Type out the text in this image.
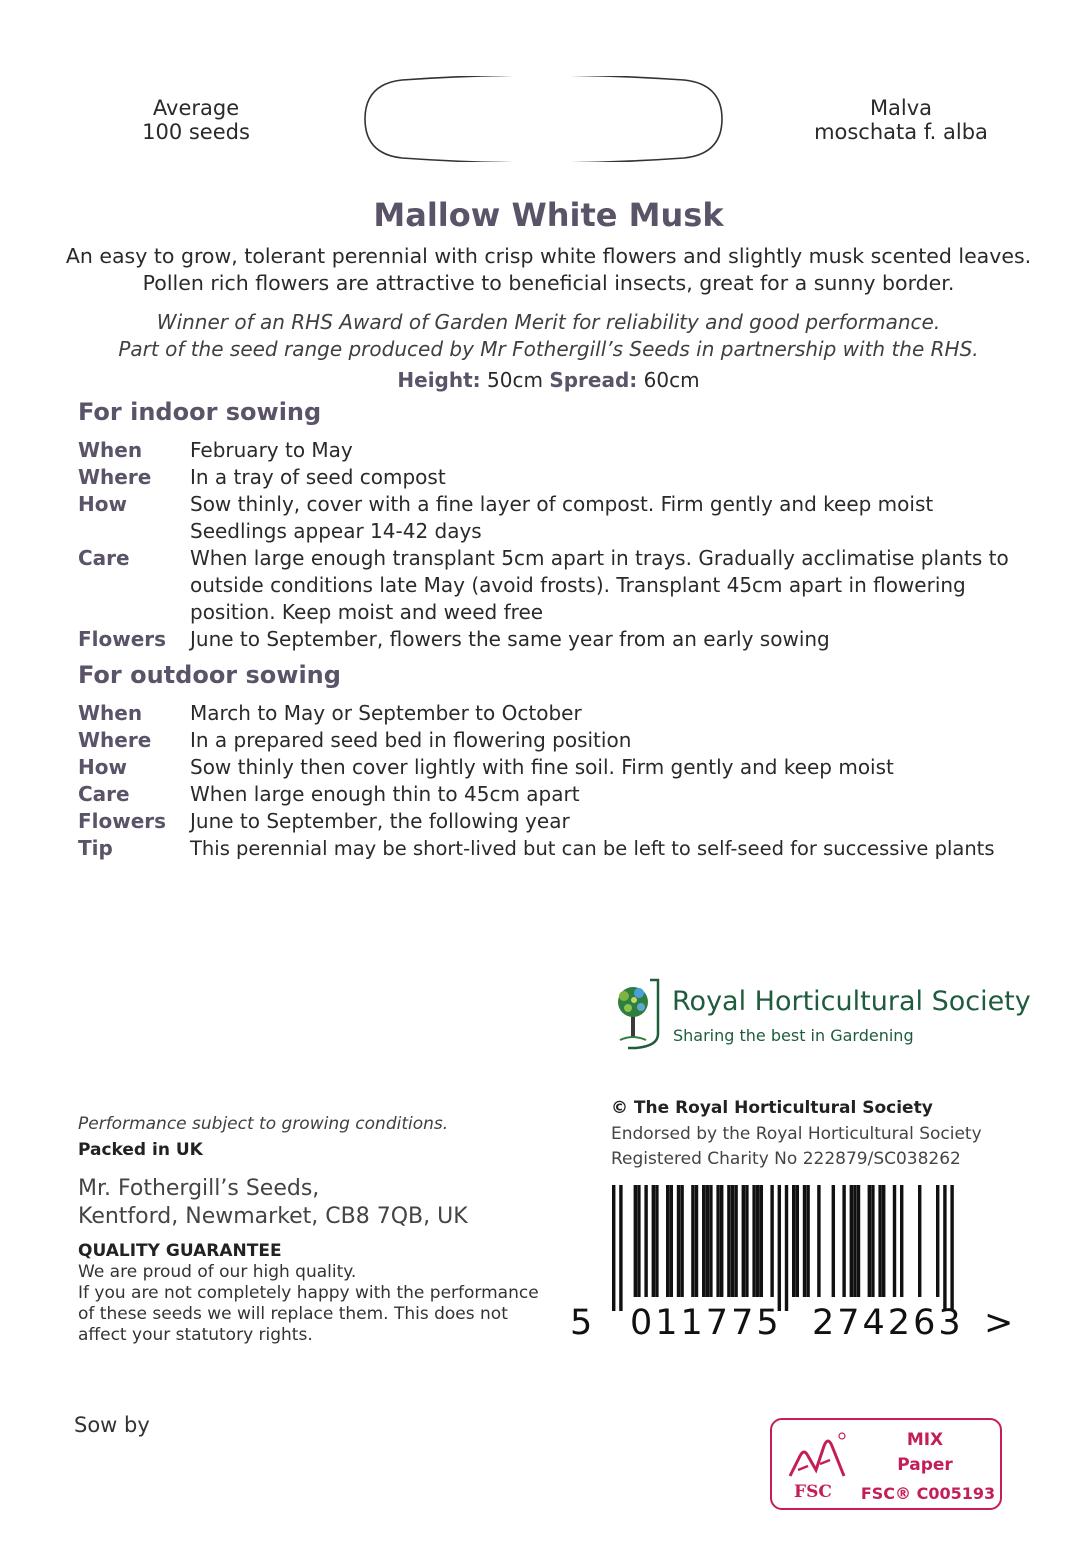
Average
100 seeds
Malva
moschata f. alba
Mallow White Musk
An easy to grow, tolerant perennial with crisp white flowers and slightly musk scented leaves.
Pollen rich flowers are attractive to beneficial insects, great for a sunny border.
Winner of an RHS Award of Garden Merit for reliability and good performance.
Part of the seed range produced by Mr Fothergill’s Seeds in partnership with the RHS.
Height: 50cm Spread: 60cm
For indoor sowing
When	February to May
Where	In a tray of seed compost
How	Sow thinly, cover with a fine layer of compost. Firm gently and keep moist Seedlings appear 14-42 days
Care	When large enough transplant 5cm apart in trays. Gradually acclimatise plants to outside conditions late May (avoid frosts). Transplant 45cm apart in flowering position. Keep moist and weed free
Flowers	June to September, flowers the same year from an early sowing
For outdoor sowing
When	March to May or September to October
Where	In a prepared seed bed in flowering position
How	Sow thinly then cover lightly with fine soil. Firm gently and keep moist
Care	When large enough thin to 45cm apart
Flowers	June to September, the following year
Tip	This perennial may be short-lived but can be left to self-seed for successive plants
Royal Horticultural Society
Sharing the best in Gardening
Performance subject to growing conditions.
Packed in UK
Mr. Fothergill’s Seeds,
Kentford, Newmarket, CB8 7QB, UK
QUALITY GUARANTEE
We are proud of our high quality.
If you are not completely happy with the performance
of these seeds we will replace them. This does not
affect your statutory rights.
Sow by
© The Royal Horticultural Society
Endorsed by the Royal Horticultural Society
Registered Charity No 222879/SC038262
5 011775 274263 >
FSC
MIX
Paper
FSC® C005193
